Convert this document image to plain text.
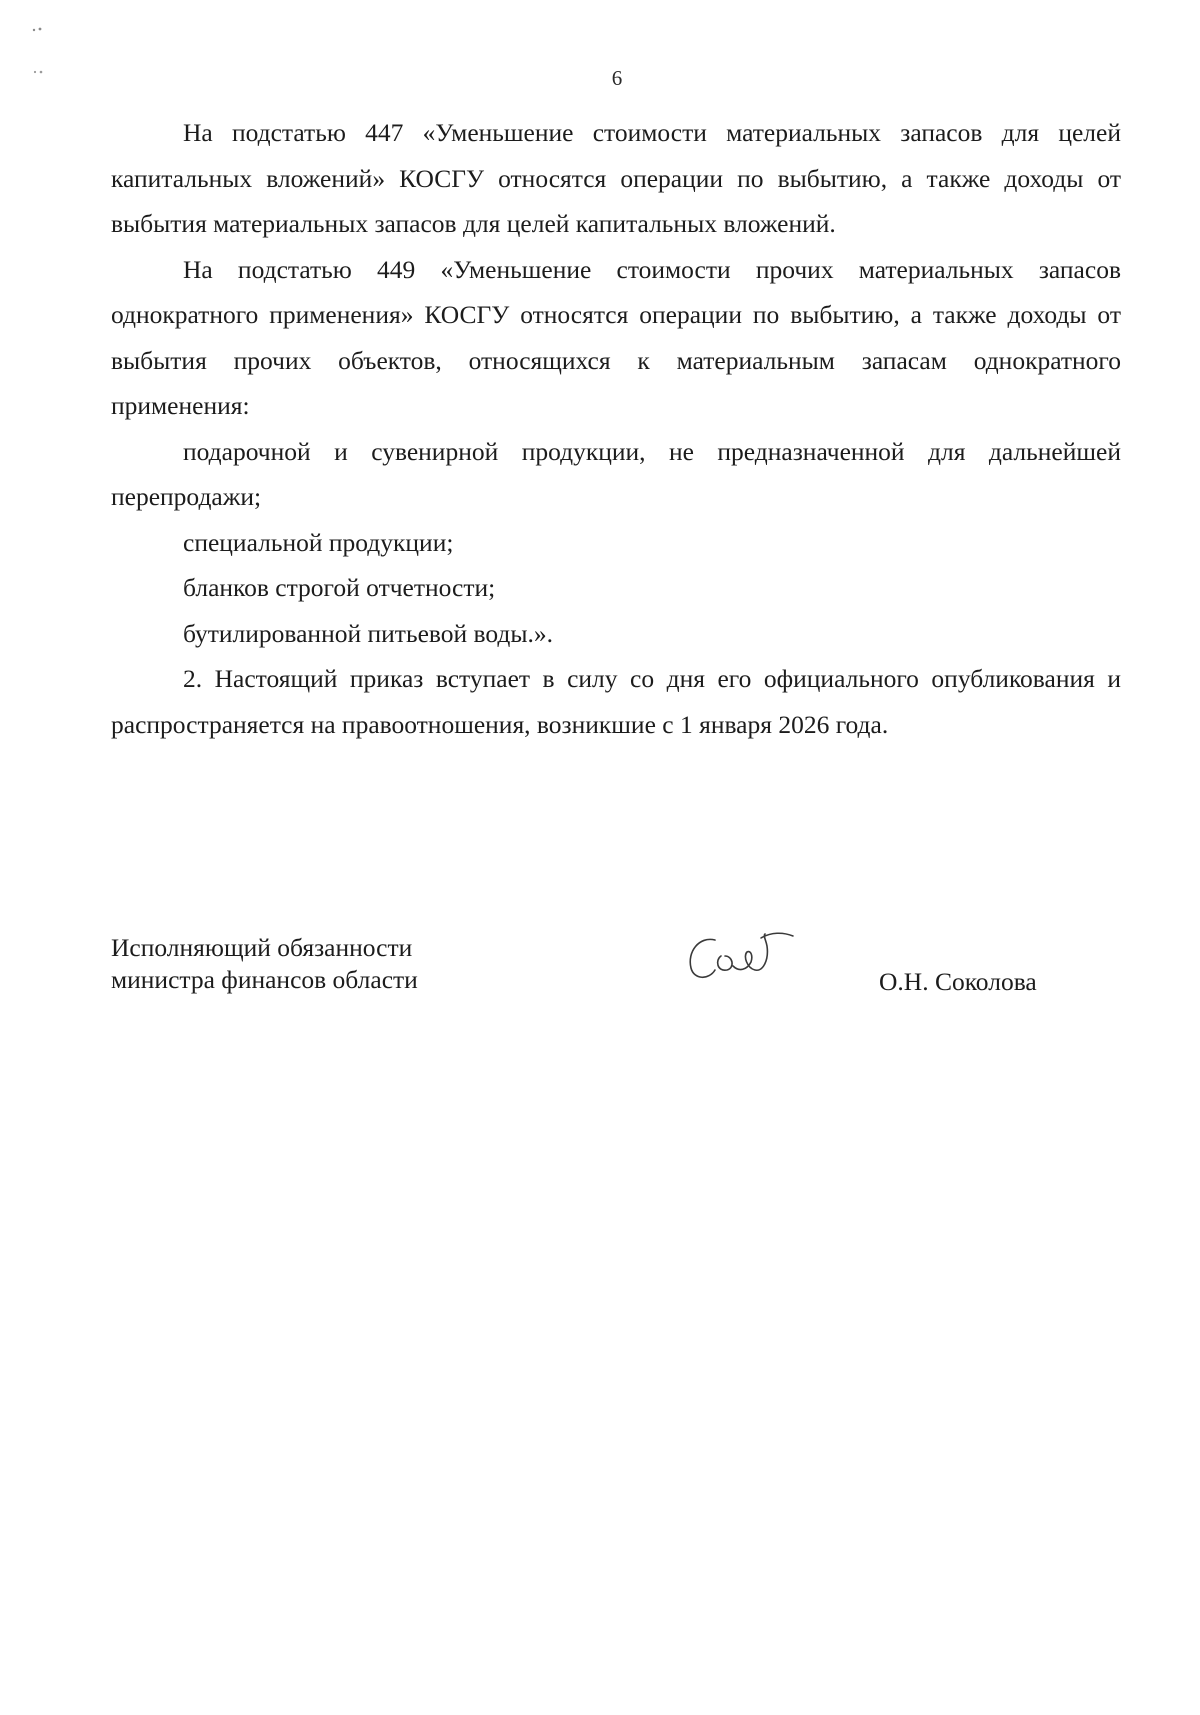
6

На подстатью 447 «Уменьшение стоимости материальных запасов для целей капитальных вложений» КОСГУ относятся операции по выбытию, а также доходы от выбытия материальных запасов для целей капитальных вложений.

На подстатью 449 «Уменьшение стоимости прочих материальных запасов однократного применения» КОСГУ относятся операции по выбытию, а также доходы от выбытия прочих объектов, относящихся к материальным запасам однократного применения:

подарочной и сувенирной продукции, не предназначенной для дальнейшей перепродажи;

специальной продукции;

бланков строгой отчетности;

бутилированной питьевой воды.».

2. Настоящий приказ вступает в силу со дня его официального опубликования и распространяется на правоотношения, возникшие с 1 января 2026 года.

Исполняющий обязанности
министра финансов области	О.Н. Соколова
